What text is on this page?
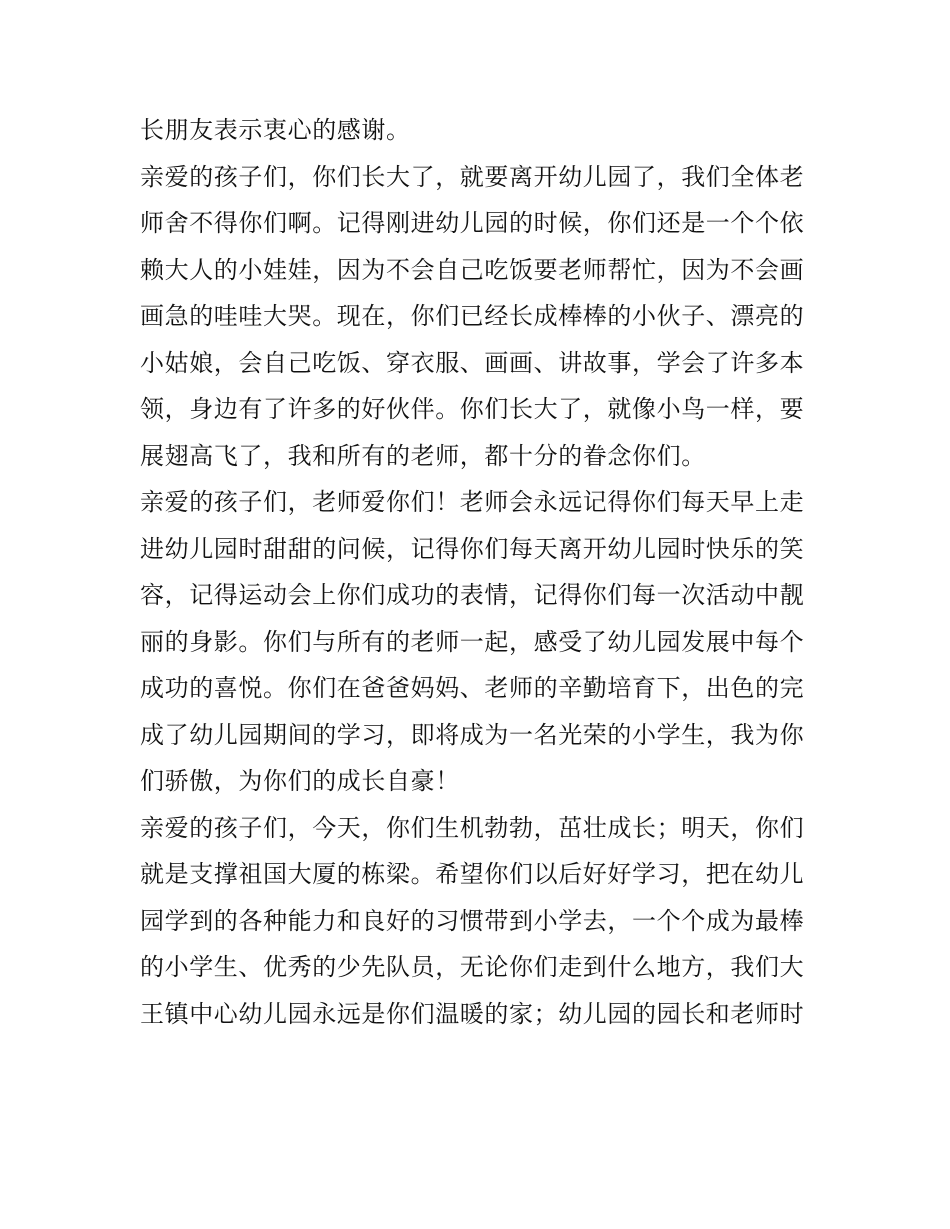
长朋友表示衷心的感谢。
亲爱的孩子们，你们长大了，就要离开幼儿园了，我们全体老
师舍不得你们啊。记得刚进幼儿园的时候，你们还是一个个依
赖大人的小娃娃，因为不会自己吃饭要老师帮忙，因为不会画
画急的哇哇大哭。现在，你们已经长成棒棒的小伙子、漂亮的
小姑娘，会自己吃饭、穿衣服、画画、讲故事，学会了许多本
领，身边有了许多的好伙伴。你们长大了，就像小鸟一样，要
展翅高飞了，我和所有的老师，都十分的眷念你们。
亲爱的孩子们，老师爱你们！老师会永远记得你们每天早上走
进幼儿园时甜甜的问候，记得你们每天离开幼儿园时快乐的笑
容，记得运动会上你们成功的表情，记得你们每一次活动中靓
丽的身影。你们与所有的老师一起，感受了幼儿园发展中每个
成功的喜悦。你们在爸爸妈妈、老师的辛勤培育下，出色的完
成了幼儿园期间的学习，即将成为一名光荣的小学生，我为你
们骄傲，为你们的成长自豪！
亲爱的孩子们，今天，你们生机勃勃，茁壮成长；明天，你们
就是支撑祖国大厦的栋梁。希望你们以后好好学习，把在幼儿
园学到的各种能力和良好的习惯带到小学去，一个个成为最棒
的小学生、优秀的少先队员，无论你们走到什么地方，我们大
王镇中心幼儿园永远是你们温暖的家；幼儿园的园长和老师时
